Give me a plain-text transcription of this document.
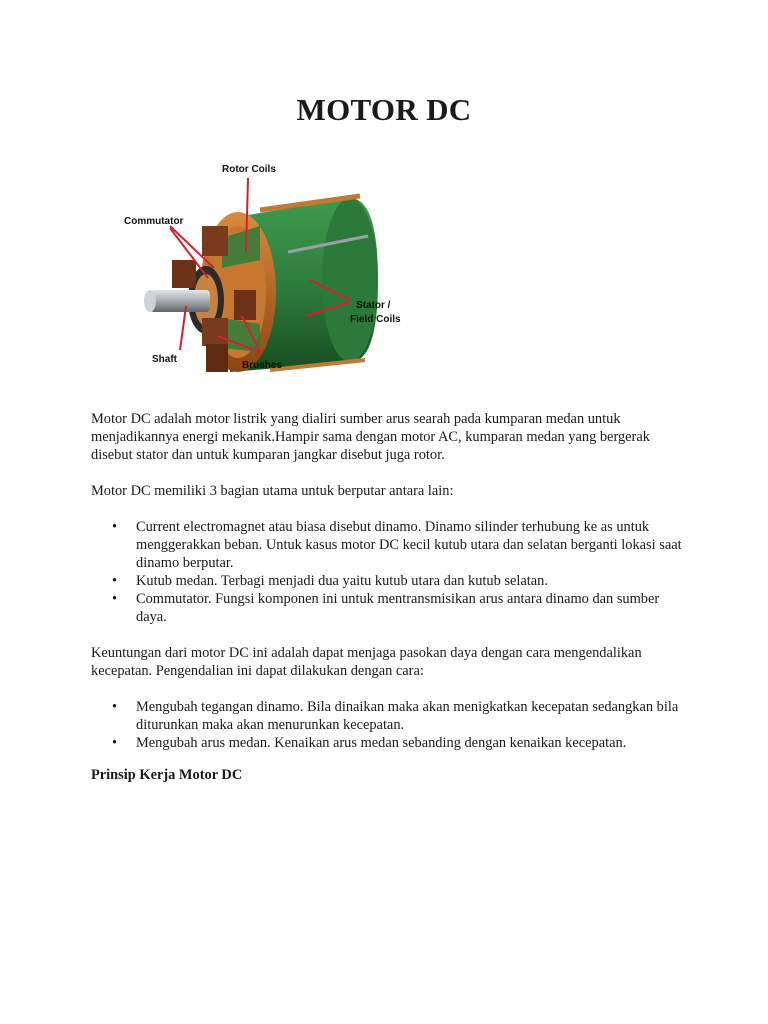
MOTOR DC
Rotor Coils
Commutator
Stator /
Field Coils
Shaft
Brushes

Motor DC adalah motor listrik yang dialiri sumber arus searah pada kumparan medan untuk menjadikannya energi mekanik.Hampir sama dengan motor AC, kumparan medan yang bergerak disebut stator dan untuk kumparan jangkar disebut juga rotor.

Motor DC memiliki 3 bagian utama untuk berputar antara lain:

• Current electromagnet atau biasa disebut dinamo. Dinamo silinder terhubung ke as untuk menggerakkan beban. Untuk kasus motor DC kecil kutub utara dan selatan berganti lokasi saat dinamo berputar.
• Kutub medan. Terbagi menjadi dua yaitu kutub utara dan kutub selatan.
• Commutator. Fungsi komponen ini untuk mentransmisikan arus antara dinamo dan sumber daya.

Keuntungan dari motor DC ini adalah dapat menjaga pasokan daya dengan cara mengendalikan kecepatan. Pengendalian ini dapat dilakukan dengan cara:

• Mengubah tegangan dinamo. Bila dinaikan maka akan menigkatkan kecepatan sedangkan bila diturunkan maka akan menurunkan kecepatan.
• Mengubah arus medan. Kenaikan arus medan sebanding dengan kenaikan kecepatan.
Prinsip Kerja Motor DC
